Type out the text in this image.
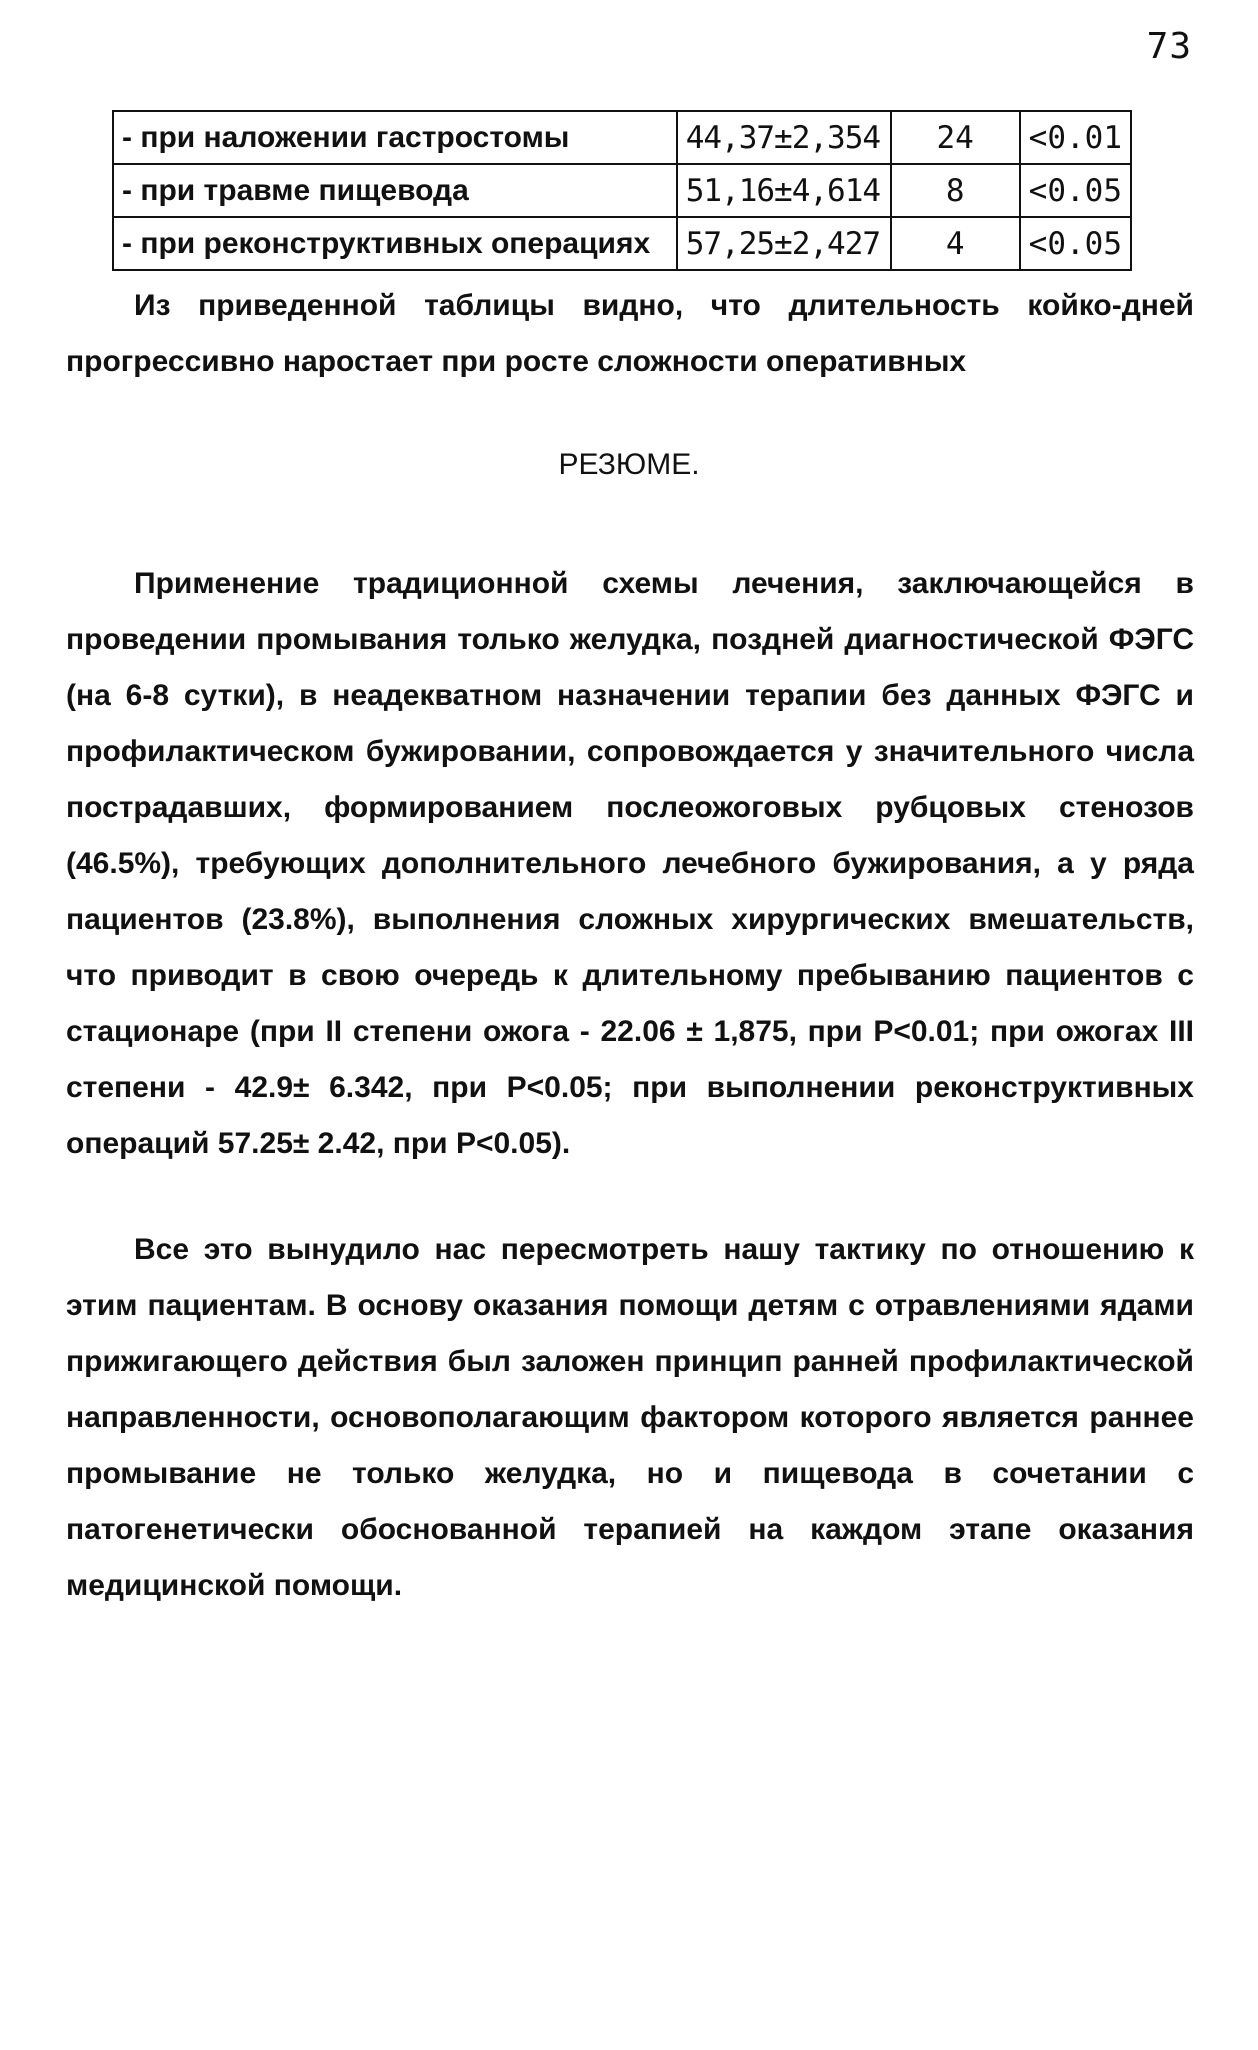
73
- при наложении гастростомы	44,37±2,354	24	<0.01
- при травме пищевода	51,16±4,614	8	<0.05
- при реконструктивных операциях	57,25±2,427	4	<0.05

Из приведенной таблицы видно, что длительность койко-дней прогрессивно наростает при росте сложности оперативных

РЕЗЮМЕ.

Применение традиционной схемы лечения, заключающейся в проведении промывания только желудка, поздней диагностической ФЭГС (на 6-8 сутки), в неадекватном назначении терапии без данных ФЭГС и профилактическом бужировании, сопровождается у значительного числа пострадавших, формированием послеожоговых рубцовых стенозов (46.5%), требующих дополнительного лечебного бужирования, а у ряда пациентов (23.8%), выполнения сложных хирургических вмешательств, что приводит в свою очередь к длительному пребыванию пациентов с стационаре (при II степени ожога - 22.06 ± 1,875, при P<0.01; при ожогах III степени - 42.9± 6.342, при P<0.05; при выполнении реконструктивных операций 57.25± 2.42, при P<0.05).

Все это вынудило нас пересмотреть нашу тактику по отношению к этим пациентам. В основу оказания помощи детям с отравлениями ядами прижигающего действия был заложен принцип ранней профилактической направленности, основополагающим фактором которого является раннее промывание не только желудка, но и пищевода в сочетании с патогенетически обоснованной терапией на каждом этапе оказания медицинской помощи.
